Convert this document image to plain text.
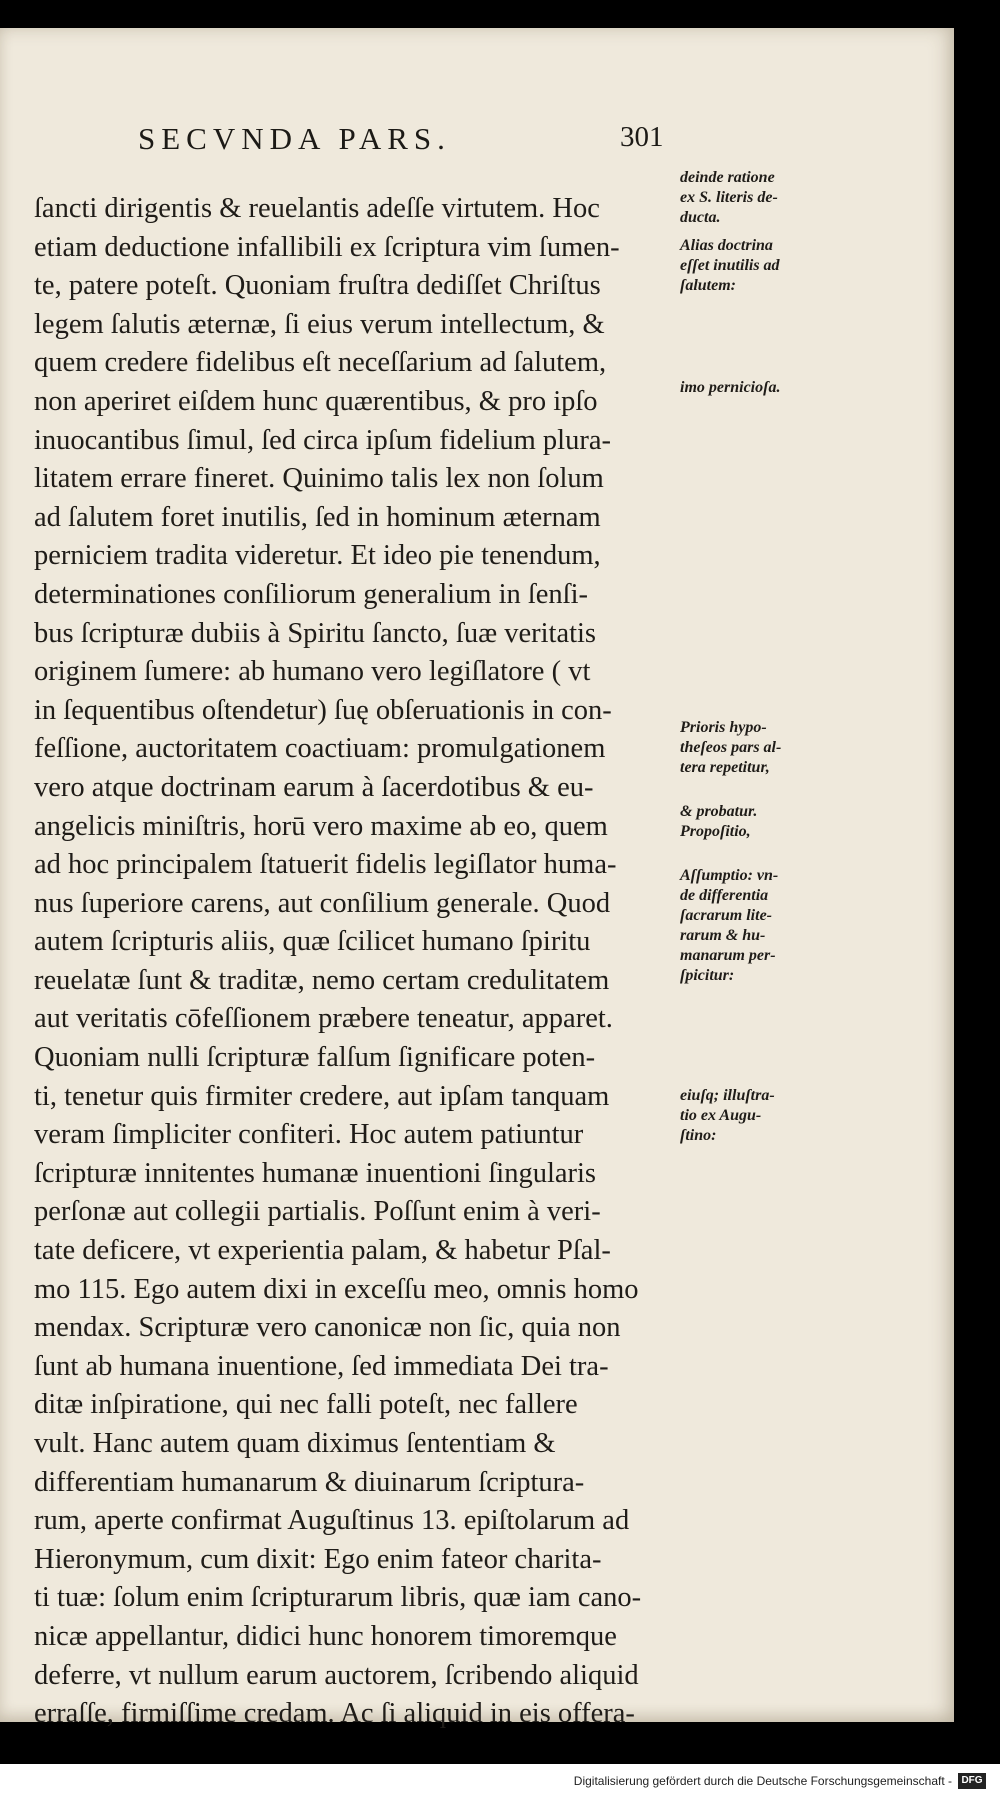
SECVNDA PARS.	301
ſancti dirigentis & reuelantis adeſſe virtutem. Hoc
etiam deductione infallibili ex ſcriptura vim ſumen-
te, patere poteſt. Quoniam fruſtra dediſſet Chriſtus
legem ſalutis æternæ, ſi eius verum intellectum, &
quem credere fidelibus eſt neceſſarium ad ſalutem,
non aperiret eiſdem hunc quærentibus, & pro ipſo
inuocantibus ſimul, ſed circa ipſum fidelium plura-
litatem errare fineret. Quinimo talis lex non ſolum
ad ſalutem foret inutilis, ſed in hominum æternam
perniciem tradita videretur. Et ideo pie tenendum,
determinationes conſiliorum generalium in ſenſi-
bus ſcripturæ dubiis à Spiritu ſancto, ſuæ veritatis
originem ſumere: ab humano vero legiſlatore ( vt
in ſequentibus oſtendetur) ſuę obſeruationis in con-
feſſione, auctoritatem coactiuam: promulgationem
vero atque doctrinam earum à ſacerdotibus & eu-
angelicis miniſtris, horū vero maxime ab eo, quem
ad hoc principalem ſtatuerit fidelis legiſlator huma-
nus ſuperiore carens, aut conſilium generale. Quod
autem ſcripturis aliis, quæ ſcilicet humano ſpiritu
reuelatæ ſunt & traditæ, nemo certam credulitatem
aut veritatis cōfeſſionem præbere teneatur, apparet.
Quoniam nulli ſcripturæ falſum ſignificare poten-
ti, tenetur quis firmiter credere, aut ipſam tanquam
veram ſimpliciter confiteri. Hoc autem patiuntur
ſcripturæ innitentes humanæ inuentioni ſingularis
perſonæ aut collegii partialis. Poſſunt enim à veri-
tate deficere, vt experientia palam, & habetur Pſal-
mo 115. Ego autem dixi in exceſſu meo, omnis homo
mendax. Scripturæ vero canonicæ non ſic, quia non
ſunt ab humana inuentione, ſed immediata Dei tra-
ditæ inſpiratione, qui nec falli poteſt, nec fallere
vult. Hanc autem quam diximus ſententiam &
differentiam humanarum & diuinarum ſcriptura-
rum, aperte confirmat Auguſtinus 13. epiſtolarum ad
Hieronymum, cum dixit: Ego enim fateor charita-
ti tuæ: ſolum enim ſcripturarum libris, quæ iam cano-
nicæ appellantur, didici hunc honorem timoremque
deferre, vt nullum earum auctorem, ſcribendo aliquid
erraſſe, firmiſſime credam. Ac ſi aliquid in eis offera-
deinde ratione
ex S. literis de-
ducta.
Alias doctrina
eſſet inutilis ad
ſalutem:
imo pernicioſa.
Prioris hypo-
theſeos pars al-
tera repetitur,
& probatur.
Propoſitio,
Aſſumptio: vn-
de differentia
ſacrarum lite-
rarum & hu-
manarum per-
ſpicitur:
eiuſq; illuſtra-
tio ex Augu-
ſtino:
Digitalisierung gefördert durch die Deutsche Forschungsgemeinschaft - DFG
